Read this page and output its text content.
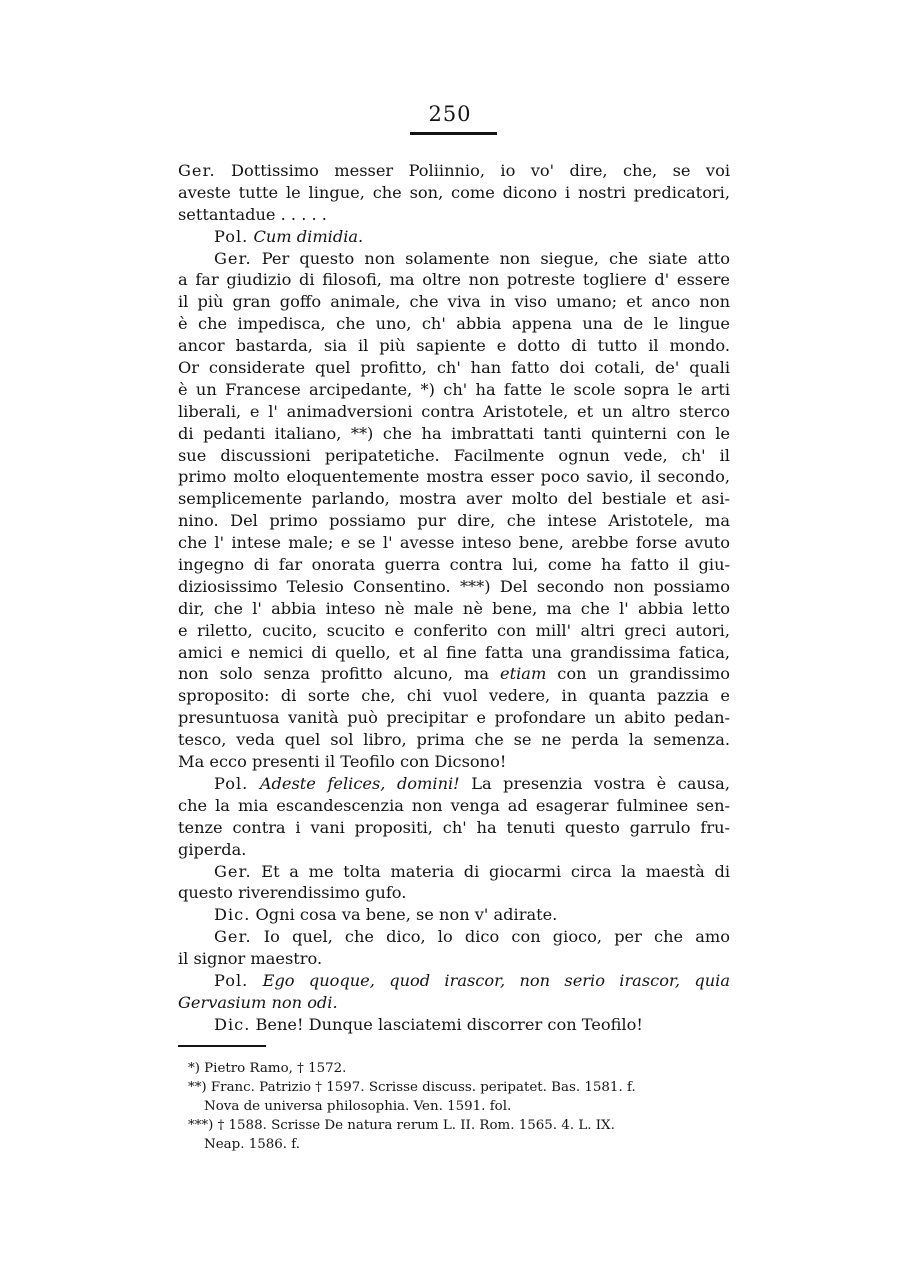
250
Ger. Dottissimo messer Poliinnio, io vo' dire, che, se voi
aveste tutte le lingue, che son, come dicono i nostri predicatori,
settantadue . . . . .
Pol. Cum dimidia.
Ger. Per questo non solamente non siegue, che siate atto
a far giudizio di filosofi, ma oltre non potreste togliere d' essere
il più gran goffo animale, che viva in viso umano; et anco non
è che impedisca, che uno, ch' abbia appena una de le lingue
ancor bastarda, sia il più sapiente e dotto di tutto il mondo.
Or considerate quel profitto, ch' han fatto doi cotali, de' quali
è un Francese arcipedante, *) ch' ha fatte le scole sopra le arti
liberali, e l' animadversioni contra Aristotele, et un altro sterco
di pedanti italiano, **) che ha imbrattati tanti quinterni con le
sue discussioni peripatetiche. Facilmente ognun vede, ch' il
primo molto eloquentemente mostra esser poco savio, il secondo,
semplicemente parlando, mostra aver molto del bestiale et asi-
nino. Del primo possiamo pur dire, che intese Aristotele, ma
che l' intese male; e se l' avesse inteso bene, arebbe forse avuto
ingegno di far onorata guerra contra lui, come ha fatto il giu-
diziosissimo Telesio Consentino. ***) Del secondo non possiamo
dir, che l' abbia inteso nè male nè bene, ma che l' abbia letto
e riletto, cucito, scucito e conferito con mill' altri greci autori,
amici e nemici di quello, et al fine fatta una grandissima fatica,
non solo senza profitto alcuno, ma etiam con un grandissimo
sproposito: di sorte che, chi vuol vedere, in quanta pazzia e
presuntuosa vanità può precipitar e profondare un abito pedan-
tesco, veda quel sol libro, prima che se ne perda la semenza.
Ma ecco presenti il Teofilo con Dicsono!
Pol. Adeste felices, domini! La presenzia vostra è causa,
che la mia escandescenzia non venga ad esagerar fulminee sen-
tenze contra i vani propositi, ch' ha tenuti questo garrulo fru-
giperda.
Ger. Et a me tolta materia di giocarmi circa la maestà di
questo riverendissimo gufo.
Dic. Ogni cosa va bene, se non v' adirate.
Ger. Io quel, che dico, lo dico con gioco, per che amo
il signor maestro.
Pol. Ego quoque, quod irascor, non serio irascor, quia
Gervasium non odi.
Dic. Bene! Dunque lasciatemi discorrer con Teofilo!
*) Pietro Ramo, † 1572.
**) Franc. Patrizio † 1597. Scrisse discuss. peripatet. Bas. 1581. f.
Nova de universa philosophia. Ven. 1591. fol.
***) † 1588. Scrisse De natura rerum L. II. Rom. 1565. 4. L. IX.
Neap. 1586. f.
